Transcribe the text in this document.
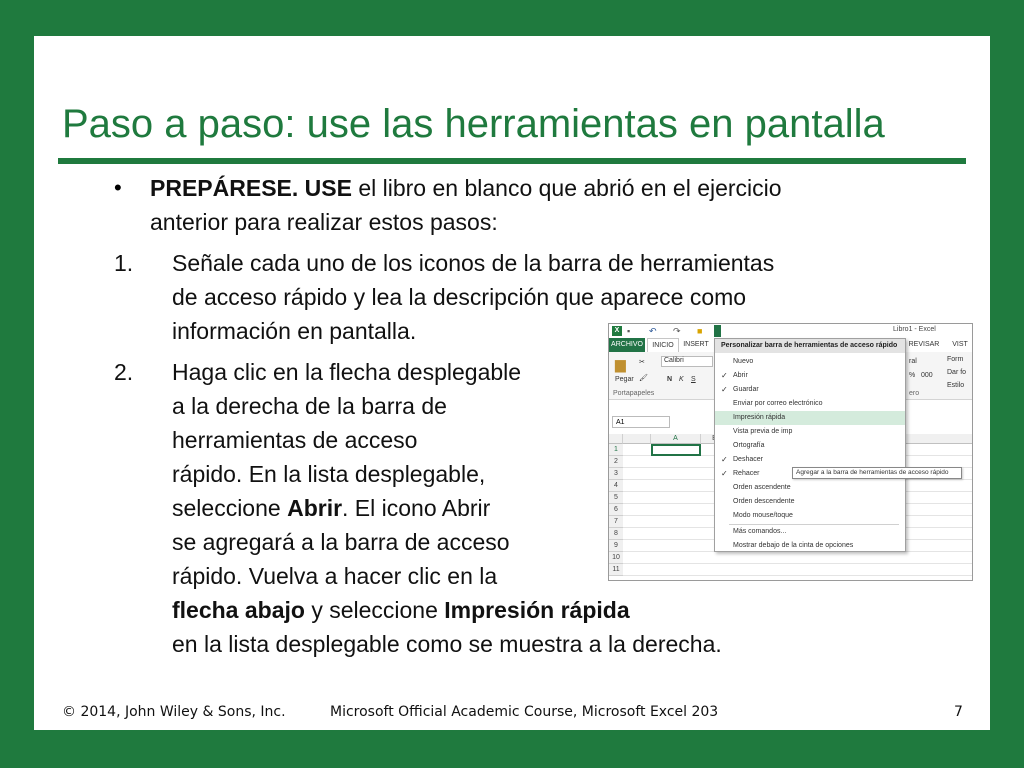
Paso a paso: use las herramientas en pantalla
• PREPÁRESE. USE el libro en blanco que abrió en el ejercicio
anterior para realizar estos pasos:
1. Señale cada uno de los iconos de la barra de herramientas
de acceso rápido y lea la descripción que aparece como
información en pantalla.
2. Haga clic en la flecha desplegable
a la derecha de la barra de
herramientas de acceso
rápido. En la lista desplegable,
seleccione Abrir. El icono Abrir
se agregará a la barra de acceso
rápido. Vuelva a hacer clic en la
flecha abajo y seleccione Impresión rápida
en la lista desplegable como se muestra a la derecha.
© 2014, John Wiley & Sons, Inc.	Microsoft Official Academic Course, Microsoft Excel 203	7
X ▪ ↶ ↷ ■	Libro1 - Excel
ARCHIVO	INICIO	INSERT	REVISAR	VIST
▆
Pegar
✂
🖌
Calibri
N K S
Portapapeles
ral
% 000
ero
Form
Dar fo
Estilo
A1
A
1
2
3
4
5
6
7
8
9
10
11
Personalizar barra de herramientas de acceso rápido
Nuevo
✓ Abrir
✓ Guardar
Enviar por correo electrónico
Impresión rápida
Vista previa de imp
Ortografía
✓ Deshacer
✓ Rehacer
Orden ascendente
Orden descendente
Modo mouse/toque
Más comandos...
Mostrar debajo de la cinta de opciones
Agregar a la barra de herramientas de acceso rápido
